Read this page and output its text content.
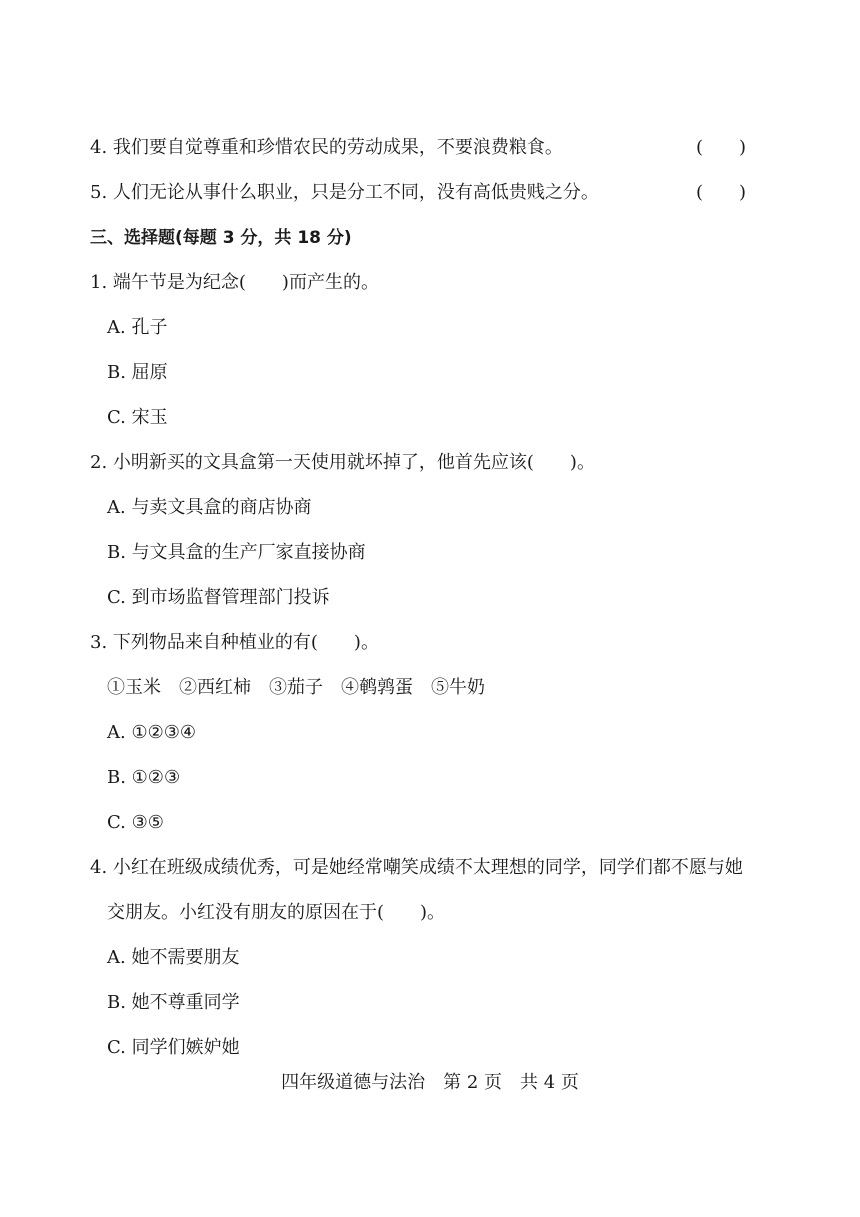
4. 我们要自觉尊重和珍惜农民的劳动成果，不要浪费粮食。	(　　)
5. 人们无论从事什么职业，只是分工不同，没有高低贵贱之分。	(　　)
三、选择题(每题 3 分，共 18 分)
1. 端午节是为纪念(　　)而产生的。
A. 孔子
B. 屈原
C. 宋玉
2. 小明新买的文具盒第一天使用就坏掉了，他首先应该(　　)。
A. 与卖文具盒的商店协商
B. 与文具盒的生产厂家直接协商
C. 到市场监督管理部门投诉
3. 下列物品来自种植业的有(　　)。
①玉米　②西红柿　③茄子　④鹌鹑蛋　⑤牛奶
A. ①②③④
B. ①②③
C. ③⑤
4. 小红在班级成绩优秀，可是她经常嘲笑成绩不太理想的同学，同学们都不愿与她
交朋友。小红没有朋友的原因在于(　　)。
A. 她不需要朋友
B. 她不尊重同学
C. 同学们嫉妒她
四年级道德与法治　第 2 页　共 4 页
